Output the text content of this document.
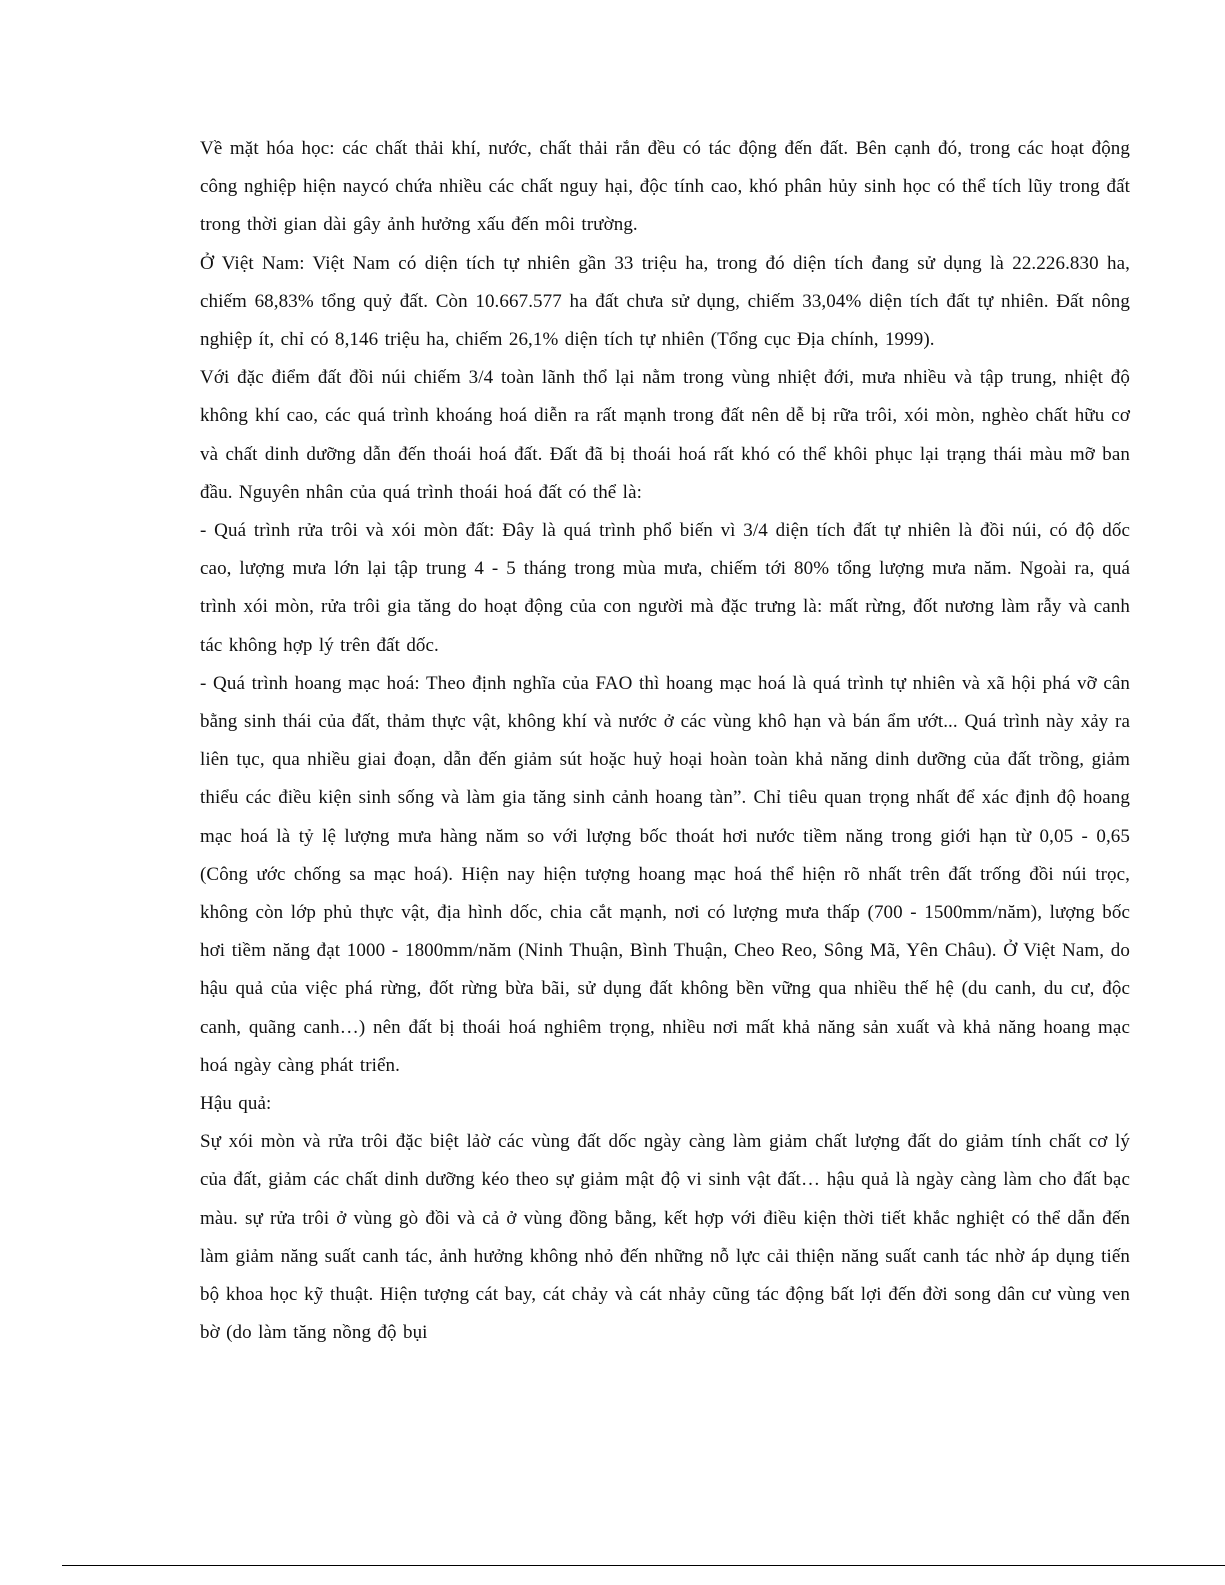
Về mặt hóa học: các chất thải khí, nước, chất thải rắn đều có tác động đến đất. Bên cạnh đó, trong các hoạt động công nghiệp hiện naycó chứa nhiều các chất nguy hại, độc tính cao, khó phân hủy sinh học có thể tích lũy trong đất trong thời gian dài gây ảnh hưởng xấu đến môi trường.

Ở Việt Nam: Việt Nam có diện tích tự nhiên gần 33 triệu ha, trong đó diện tích đang sử dụng là 22.226.830 ha, chiếm 68,83% tổng quỷ đất. Còn 10.667.577 ha đất chưa sử dụng, chiếm 33,04% diện tích đất tự nhiên. Đất nông nghiệp ít, chỉ có 8,146 triệu ha, chiếm 26,1% diện tích tự nhiên (Tổng cục Địa chính, 1999).

Với đặc điểm đất đồi núi chiếm 3/4 toàn lãnh thổ lại nằm trong vùng nhiệt đới, mưa nhiều và tập trung, nhiệt độ không khí cao, các quá trình khoáng hoá diễn ra rất mạnh trong đất nên dễ bị rữa trôi, xói mòn, nghèo chất hữu cơ và chất dinh dưỡng dẫn đến thoái hoá đất. Đất đã bị thoái hoá rất khó có thể khôi phục lại trạng thái màu mỡ ban đầu. Nguyên nhân của quá trình thoái hoá đất có thể là:

- Quá trình rửa trôi và xói mòn đất: Đây là quá trình phổ biến vì 3/4 diện tích đất tự nhiên là đồi núi, có độ dốc cao, lượng mưa lớn lại tập trung 4 - 5 tháng trong mùa mưa, chiếm tới 80% tổng lượng mưa năm. Ngoài ra, quá trình xói mòn, rửa trôi gia tăng do hoạt động của con người mà đặc trưng là: mất rừng, đốt nương làm rẫy và canh tác không hợp lý trên đất dốc.

- Quá trình hoang mạc hoá: Theo định nghĩa của FAO thì hoang mạc hoá là quá trình tự nhiên và xã hội phá vỡ cân bằng sinh thái của đất, thảm thực vật, không khí và nước ở các vùng khô hạn và bán ẩm ướt... Quá trình này xảy ra liên tục, qua nhiều giai đoạn, dẫn đến giảm sút hoặc huỷ hoại hoàn toàn khả năng dinh dưỡng của đất trồng, giảm thiểu các điều kiện sinh sống và làm gia tăng sinh cảnh hoang tàn”. Chỉ tiêu quan trọng nhất để xác định độ hoang mạc hoá là tỷ lệ lượng mưa hàng năm so với lượng bốc thoát hơi nước tiềm năng trong giới hạn từ 0,05 - 0,65 (Công ước chống sa mạc hoá). Hiện nay hiện tượng hoang mạc hoá thể hiện rõ nhất trên đất trống đồi núi trọc, không còn lớp phủ thực vật, địa hình dốc, chia cắt mạnh, nơi có lượng mưa thấp (700 - 1500mm/năm), lượng bốc hơi tiềm năng đạt 1000 - 1800mm/năm (Ninh Thuận, Bình Thuận, Cheo Reo, Sông Mã, Yên Châu). Ở Việt Nam, do hậu quả của việc phá rừng, đốt rừng bừa bãi, sử dụng đất không bền vững qua nhiều thế hệ (du canh, du cư, độc canh, quãng canh…) nên đất bị thoái hoá nghiêm trọng, nhiều nơi mất khả năng sản xuất và khả năng hoang mạc hoá ngày càng phát triển.

Hậu quả:

Sự xói mòn và rửa trôi đặc biệt lảờ các vùng đất dốc ngày càng làm giảm chất lượng đất do giảm tính chất cơ lý của đất, giảm các chất dinh dưỡng kéo theo sự giảm mật độ vi sinh vật đất… hậu quả là ngày càng làm cho đất bạc màu. sự rửa trôi ở vùng gò đồi và cả ở vùng đồng bằng, kết hợp với điều kiện thời tiết khắc nghiệt có thể dẫn đến làm giảm năng suất canh tác, ảnh hưởng không nhỏ đến những nỗ lực cải thiện năng suất canh tác nhờ áp dụng tiến bộ khoa học kỹ thuật. Hiện tượng cát bay, cát chảy và cát nhảy cũng tác động bất lợi đến đời song dân cư vùng ven bờ (do làm tăng nồng độ bụi
